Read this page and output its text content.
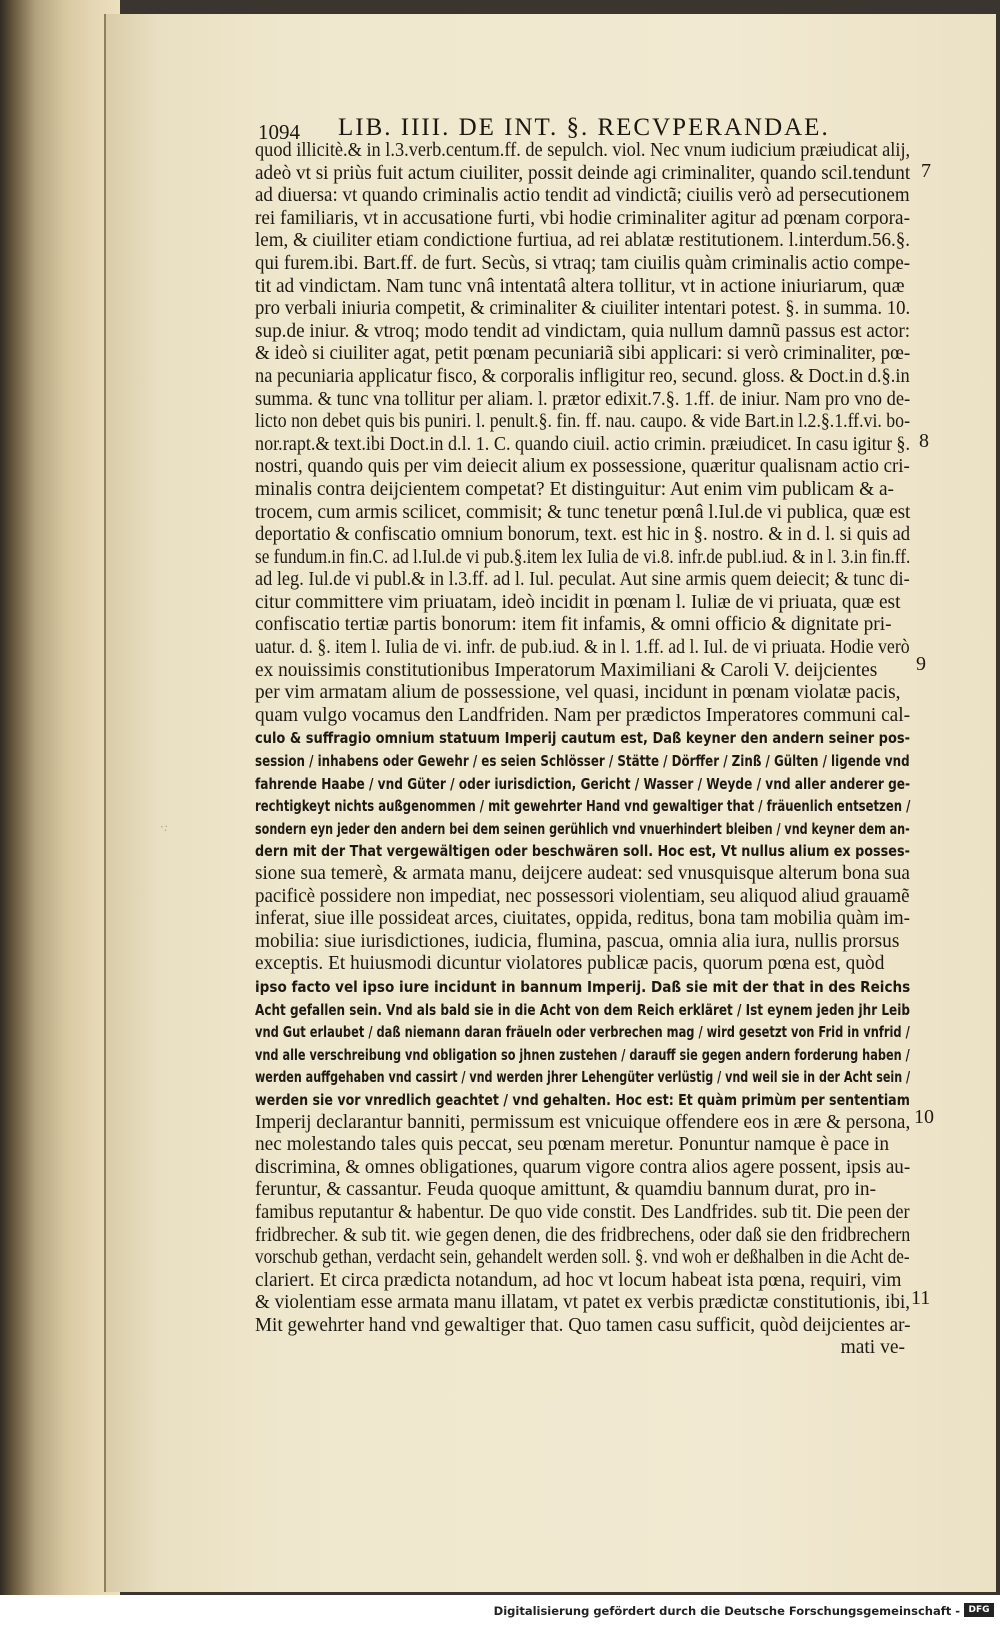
·:
1094 LIB. IIII. DE INT. §. RECVPERANDAE.
quod illicitè.& in l.3.verb.centum.ff. de sepulch. viol. Nec vnum iudicium præiudicat alij,
adeò vt si priùs fuit actum ciuiliter, possit deinde agi criminaliter, quando scil.tendunt
ad diuersa: vt quando criminalis actio tendit ad vindictã; ciuilis verò ad persecutionem
rei familiaris, vt in accusatione furti, vbi hodie criminaliter agitur ad pœnam corpora-
lem, & ciuiliter etiam condictione furtiua, ad rei ablatæ restitutionem. l.interdum.56.§.
qui furem.ibi. Bart.ff. de furt. Secùs, si vtraq; tam ciuilis quàm criminalis actio compe-
tit ad vindictam. Nam tunc vnâ intentatâ altera tollitur, vt in actione iniuriarum, quæ
pro verbali iniuria competit, & criminaliter & ciuiliter intentari potest. §. in summa. 10.
sup.de iniur. & vtroq; modo tendit ad vindictam, quia nullum damnũ passus est actor:
& ideò si ciuiliter agat, petit pœnam pecuniariã sibi applicari: si verò criminaliter, pœ-
na pecuniaria applicatur fisco, & corporalis infligitur reo, secund. gloss. & Doct.in d.§.in
summa. & tunc vna tollitur per aliam. l. prætor edixit.7.§. 1.ff. de iniur. Nam pro vno de-
licto non debet quis bis puniri. l. penult.§. fin. ff. nau. caupo. & vide Bart.in l.2.§.1.ff.vi. bo-
nor.rapt.& text.ibi Doct.in d.l. 1. C. quando ciuil. actio crimin. præiudicet. In casu igitur §.
nostri, quando quis per vim deiecit alium ex possessione, quæritur qualisnam actio cri-
minalis contra deijcientem competat? Et distinguitur: Aut enim vim publicam & a-
trocem, cum armis scilicet, commisit; & tunc tenetur pœnâ l.Iul.de vi publica, quæ est
deportatio & confiscatio omnium bonorum, text. est hic in §. nostro. & in d. l. si quis ad
se fundum.in fin.C. ad l.Iul.de vi pub.§.item lex Iulia de vi.8. infr.de publ.iud. & in l. 3.in fin.ff.
ad leg. Iul.de vi publ.& in l.3.ff. ad l. Iul. peculat. Aut sine armis quem deiecit; & tunc di-
citur committere vim priuatam, ideò incidit in pœnam l. Iuliæ de vi priuata, quæ est
confiscatio tertiæ partis bonorum: item fit infamis, & omni officio & dignitate pri-
uatur. d. §. item l. Iulia de vi. infr. de pub.iud. & in l. 1.ff. ad l. Iul. de vi priuata. Hodie verò
ex nouissimis constitutionibus Imperatorum Maximiliani & Caroli V. deijcientes
per vim armatam alium de possessione, vel quasi, incidunt in pœnam violatæ pacis,
quam vulgo vocamus den Landfriden. Nam per prædictos Imperatores communi cal-
culo & suffragio omnium statuum Imperij cautum est, Daß keyner den andern seiner pos-
session / inhabens oder Gewehr / es seien Schlösser / Stätte / Dörffer / Zinß / Gülten / ligende vnd
fahrende Haabe / vnd Güter / oder iurisdiction, Gericht / Wasser / Weyde / vnd aller anderer ge-
rechtigkeyt nichts außgenommen / mit gewehrter Hand vnd gewaltiger that / fräuenlich entsetzen /
sondern eyn jeder den andern bei dem seinen gerühlich vnd vnuerhindert bleiben / vnd keyner dem an-
dern mit der That vergewältigen oder beschwären soll. Hoc est, Vt nullus alium ex posses-
sione sua temerè, & armata manu, deijcere audeat: sed vnusquisque alterum bona sua
pacificè possidere non impediat, nec possessori violentiam, seu aliquod aliud grauamẽ
inferat, siue ille possideat arces, ciuitates, oppida, reditus, bona tam mobilia quàm im-
mobilia: siue iurisdictiones, iudicia, flumina, pascua, omnia alia iura, nullis prorsus
exceptis. Et huiusmodi dicuntur violatores publicæ pacis, quorum pœna est, quòd
ipso facto vel ipso iure incidunt in bannum Imperij. Daß sie mit der that in des Reichs
Acht gefallen sein. Vnd als bald sie in die Acht von dem Reich erkläret / Ist eynem jeden jhr Leib
vnd Gut erlaubet / daß niemann daran fräueln oder verbrechen mag / wird gesetzt von Frid in vnfrid /
vnd alle verschreibung vnd obligation so jhnen zustehen / darauff sie gegen andern forderung haben /
werden auffgehaben vnd cassirt / vnd werden jhrer Lehengüter verlüstig / vnd weil sie in der Acht sein /
werden sie vor vnredlich geachtet / vnd gehalten. Hoc est: Et quàm primùm per sententiam
Imperij declarantur banniti, permissum est vnicuique offendere eos in ære & persona,
nec molestando tales quis peccat, seu pœnam meretur. Ponuntur namque è pace in
discrimina, & omnes obligationes, quarum vigore contra alios agere possent, ipsis au-
feruntur, & cassantur. Feuda quoque amittunt, & quamdiu bannum durat, pro in-
famibus reputantur & habentur. De quo vide constit. Des Landfrides. sub tit. Die peen der
fridbrecher. & sub tit. wie gegen denen, die des fridbrechens, oder daß sie den fridbrechern
vorschub gethan, verdacht sein, gehandelt werden soll. §. vnd woh er deßhalben in die Acht de-
clariert. Et circa prædicta notandum, ad hoc vt locum habeat ista pœna, requiri, vim
& violentiam esse armata manu illatam, vt patet ex verbis prædictæ constitutionis, ibi,
Mit gewehrter hand vnd gewaltiger that. Quo tamen casu sufficit, quòd deijcientes ar-
mati ve-
7
8
9
10
11
Digitalisierung gefördert durch die Deutsche Forschungsgemeinschaft - DFG
